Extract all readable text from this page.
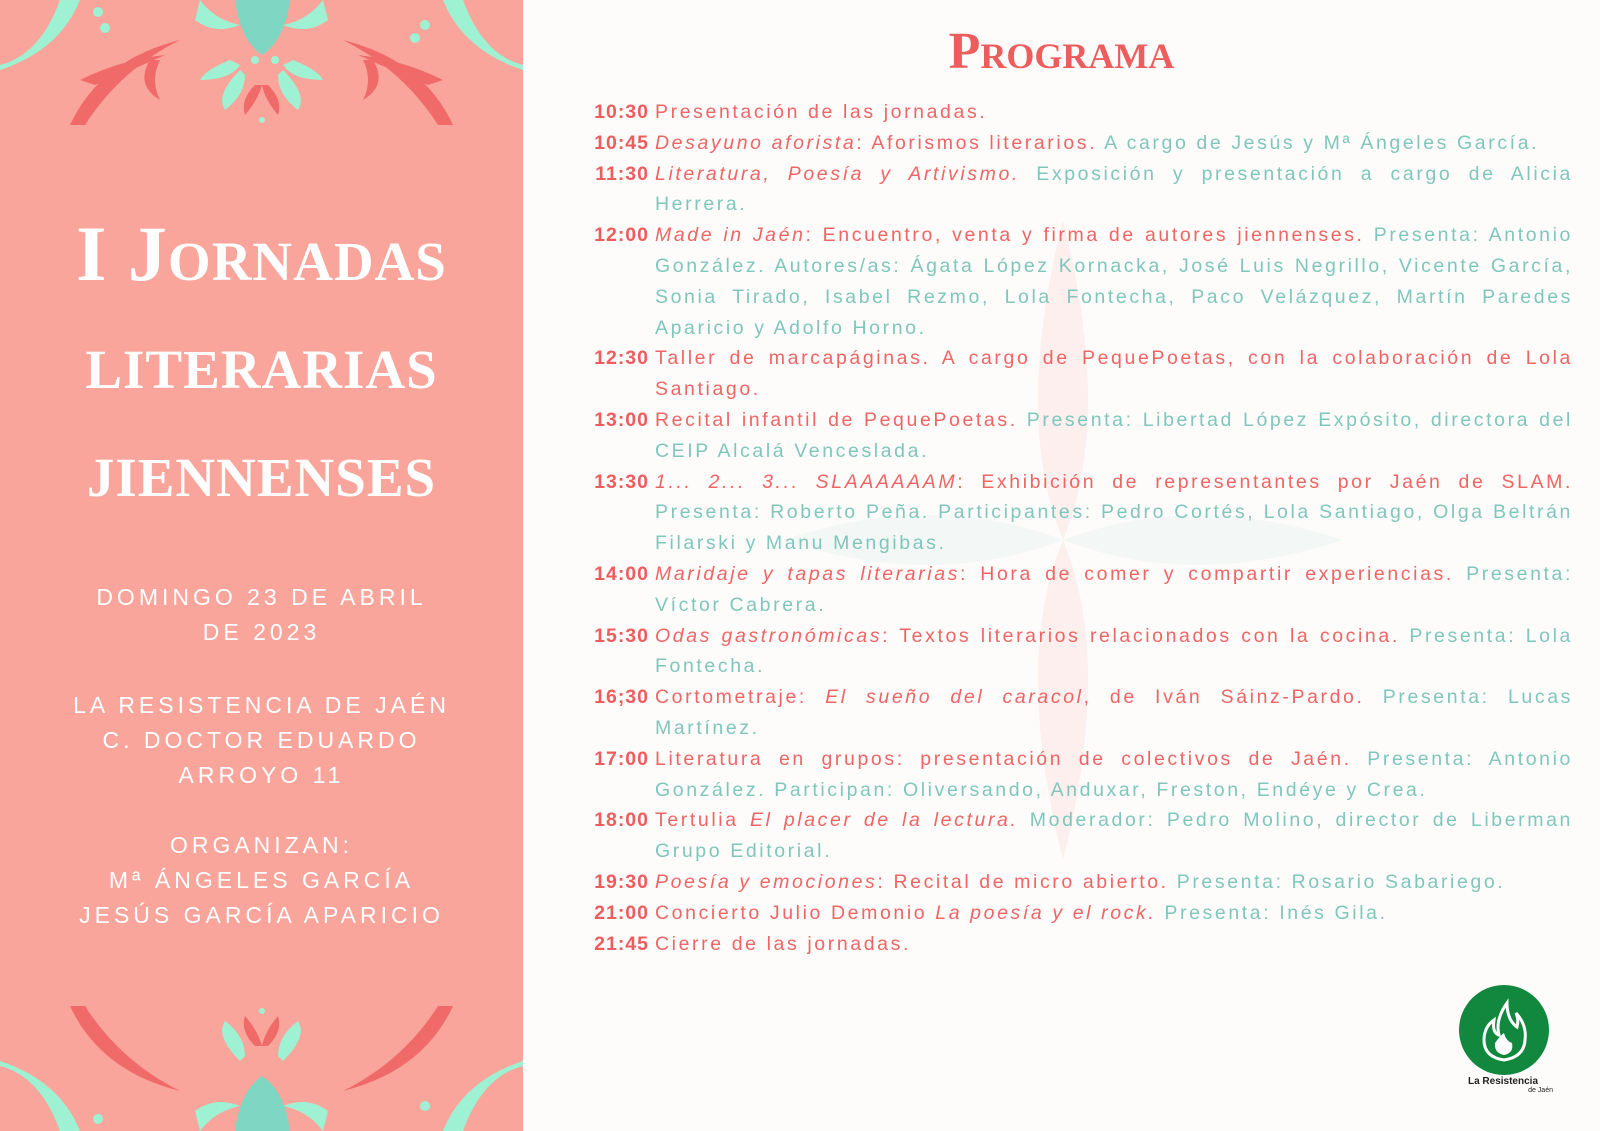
I Jornadas
literarias
jiennenses
DOMINGO 23 DE ABRIL
DE 2023
LA RESISTENCIA DE JAÉN
C. DOCTOR EDUARDO
ARROYO 11
ORGANIZAN:
Mª ÁNGELES GARCÍA
JESÚS GARCÍA APARICIO
Programa
10:30 Presentación de las jornadas.
10:45 Desayuno aforista: Aforismos literarios. A cargo de Jesús y Mª Ángeles García.
11:30 Literatura, Poesía y Artivismo. Exposición y presentación a cargo de Alicia Herrera.
12:00 Made in Jaén: Encuentro, venta y firma de autores jiennenses. Presenta: Antonio González. Autores/as: Ágata López Kornacka, José Luis Negrillo, Vicente García, Sonia Tirado, Isabel Rezmo, Lola Fontecha, Paco Velázquez, Martín Paredes Aparicio y Adolfo Horno.
12:30 Taller de marcapáginas. A cargo de PequePoetas, con la colaboración de Lola Santiago.
13:00 Recital infantil de PequePoetas. Presenta: Libertad López Expósito, directora del CEIP Alcalá Venceslada.
13:30 1... 2... 3... SLAAAAAAM: Exhibición de representantes por Jaén de SLAM. Presenta: Roberto Peña. Participantes: Pedro Cortés, Lola Santiago, Olga Beltrán Filarski y Manu Mengibas.
14:00 Maridaje y tapas literarias: Hora de comer y compartir experiencias. Presenta: Víctor Cabrera.
15:30 Odas gastronómicas: Textos literarios relacionados con la cocina. Presenta: Lola Fontecha.
16;30 Cortometraje: El sueño del caracol, de Iván Sáinz-Pardo. Presenta: Lucas Martínez.
17:00 Literatura en grupos: presentación de colectivos de Jaén. Presenta: Antonio González. Participan: Oliversando, Anduxar, Freston, Endéye y Crea.
18:00 Tertulia El placer de la lectura. Moderador: Pedro Molino, director de Liberman Grupo Editorial.
19:30 Poesía y emociones: Recital de micro abierto. Presenta: Rosario Sabariego.
21:00 Concierto Julio Demonio La poesía y el rock. Presenta: Inés Gila.
21:45 Cierre de las jornadas.
La Resistencia
de Jaén
